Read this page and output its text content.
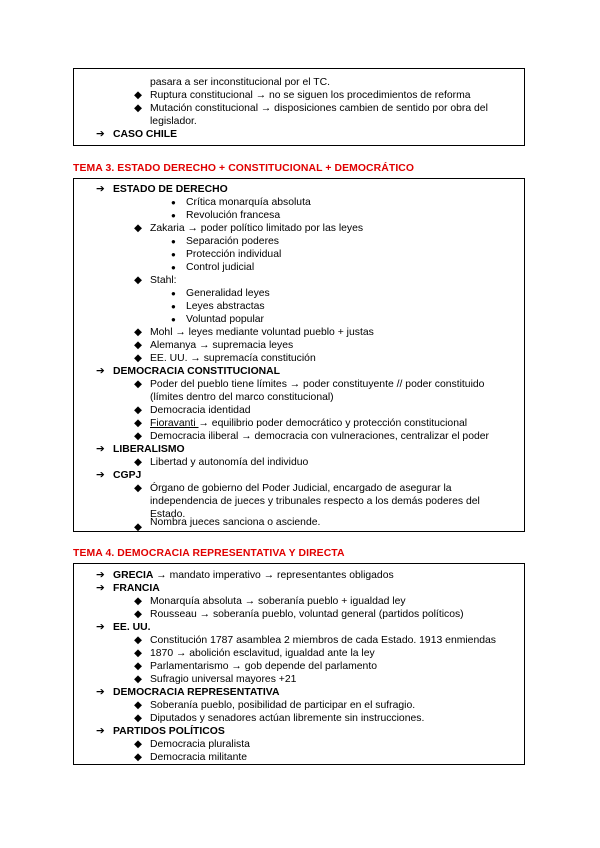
pasara a ser inconstitucional por el TC.
◆ Ruptura constitucional → no se siguen los procedimientos de reforma
◆ Mutación constitucional → disposiciones cambien de sentido por obra del
legislador.
➔ CASO CHILE
TEMA 3. ESTADO DERECHO + CONSTITUCIONAL + DEMOCRÁTICO
➔ ESTADO DE DERECHO
● Crítica monarquía absoluta
● Revolución francesa
◆ Zakaria → poder político limitado por las leyes
● Separación poderes
● Protección individual
● Control judicial
◆ Stahl:
● Generalidad leyes
● Leyes abstractas
● Voluntad popular
◆ Mohl → leyes mediante voluntad pueblo + justas
◆ Alemanya → supremacia leyes
◆ EE. UU. → supremacía constitución
➔ DEMOCRACIA CONSTITUCIONAL
◆ Poder del pueblo tiene límites → poder constituyente // poder constituido
(límites dentro del marco constitucional)
◆ Democracia identidad
◆ Fioravanti → equilibrio poder democrático y protección constitucional
◆ Democracia iliberal → democracia con vulneraciones, centralizar el poder
➔ LIBERALISMO
◆ Libertad y autonomía del individuo
➔ CGPJ
◆ Órgano de gobierno del Poder Judicial, encargado de asegurar la
independencia de jueces y tribunales respecto a los demás poderes del
Estado.
◆ Nombra jueces sanciona o asciende.
TEMA 4. DEMOCRACIA REPRESENTATIVA Y DIRECTA
➔ GRECIA → mandato imperativo → representantes obligados
➔ FRANCIA
◆ Monarquía absoluta → soberanía pueblo + igualdad ley
◆ Rousseau → soberanía pueblo, voluntad general (partidos políticos)
➔ EE. UU.
◆ Constitución 1787 asamblea 2 miembros de cada Estado. 1913 enmiendas
◆ 1870 → abolición esclavitud, igualdad ante la ley
◆ Parlamentarismo → gob depende del parlamento
◆ Sufragio universal mayores +21
➔ DEMOCRACIA REPRESENTATIVA
◆ Soberanía pueblo, posibilidad de participar en el sufragio.
◆ Diputados y senadores actúan libremente sin instrucciones.
➔ PARTIDOS POLÍTICOS
◆ Democracia pluralista
◆ Democracia militante
